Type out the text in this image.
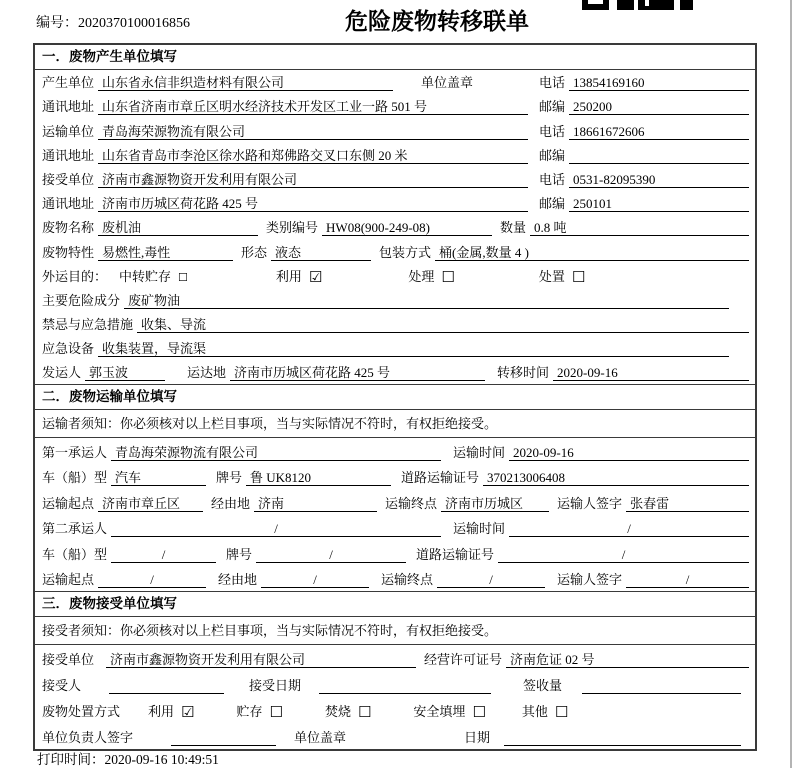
编号：2020370100016856	危险废物转移联单
一．废物产生单位填写
产生单位 山东省永信非织造材料有限公司	单位盖章	电话 13854169160
通讯地址 山东省济南市章丘区明水经济技术开发区工业一路 501 号	邮编 250200
运输单位 青岛海荣源物流有限公司	电话 18661672606
通讯地址 山东省青岛市李沧区徐水路和郑佛路交叉口东侧 20 米	邮编
接受单位 济南市鑫源物资开发利用有限公司	电话 0531-82095390
通讯地址 济南市历城区荷花路 425 号	邮编 250101
废物名称 废机油	类别编号 HW08(900-249-08)	数量 0.8 吨
废物特性 易燃性,毒性	形态 液态	包装方式 桶(金属,数量 4 )
外运目的： 中转贮存 ☐	利用 ☑	处理 ☐	处置 ☐
主要危险成分 废矿物油
禁忌与应急措施 收集、导流
应急设备 收集装置，导流渠
发运人 郭玉波	运达地 济南市历城区荷花路 425 号	转移时间 2020-09-16
二．废物运输单位填写
运输者须知：你必须核对以上栏目事项，当与实际情况不符时，有权拒绝接受。
第一承运人 青岛海荣源物流有限公司	运输时间 2020-09-16
车（船）型 汽车	牌号 鲁 UK8120	道路运输证号 370213006408
运输起点 济南市章丘区	经由地 济南	运输终点 济南市历城区	运输人签字 张春雷
第二承运人	/	运输时间	/
车（船）型	/	牌号	/	道路运输证号	/
运输起点	/	经由地	/	运输终点	/	运输人签字	/
三．废物接受单位填写
接受者须知：你必须核对以上栏目事项，当与实际情况不符时，有权拒绝接受。
接受单位	济南市鑫源物资开发利用有限公司	经营许可证号 济南危证 02 号
接受人	接受日期	签收量
废物处置方式 利用 ☑	贮存 ☐	焚烧 ☐	安全填埋 ☐	其他 ☐
单位负责人签字	单位盖章	日期
打印时间：2020-09-16 10:49:51
